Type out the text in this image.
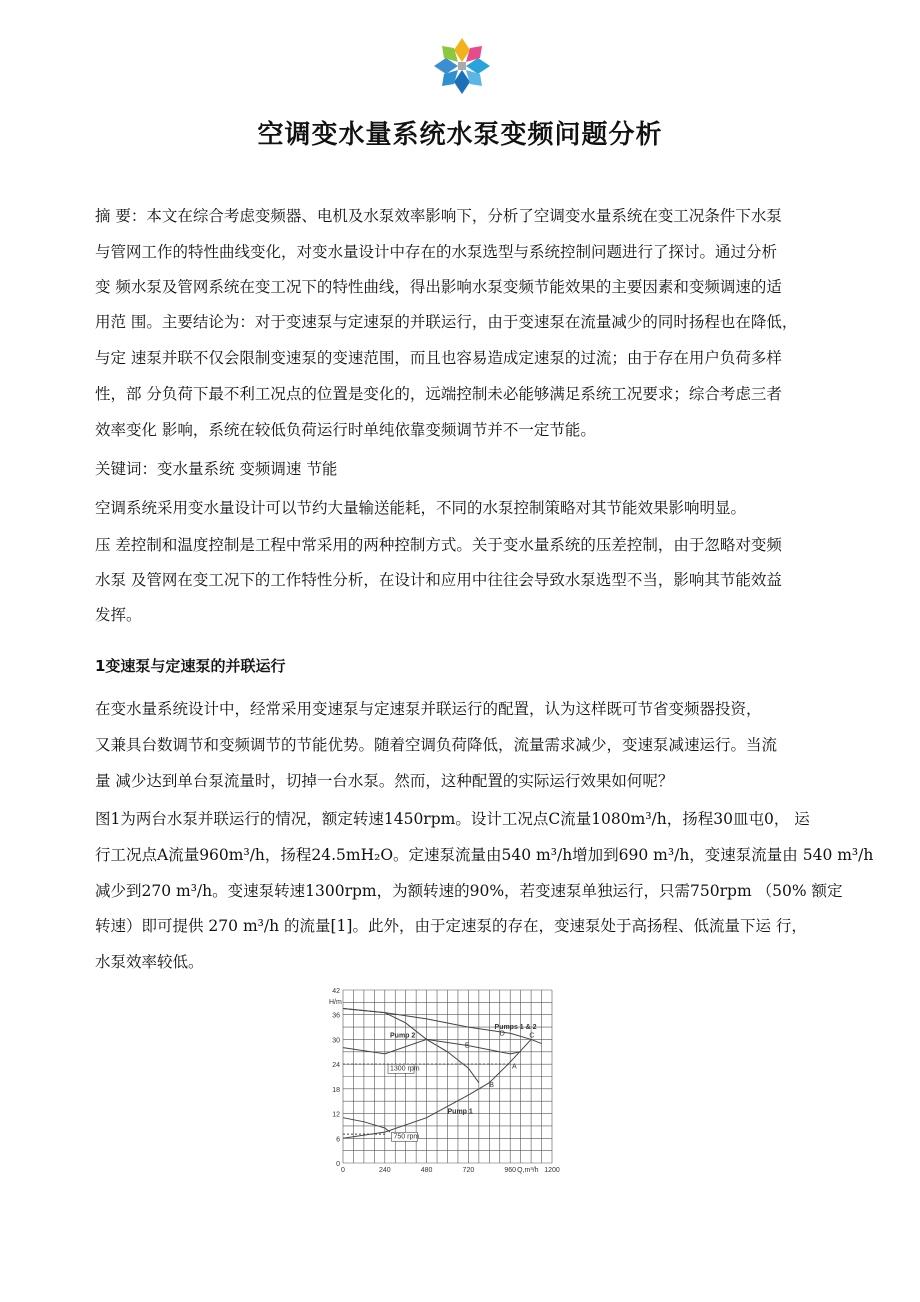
空调变水量系统水泵变频问题分析
摘 要：本文在综合考虑变频器、电机及水泵效率影响下，分析了空调变水量系统在变工况条件下水泵
与管网工作的特性曲线变化，对变水量设计中存在的水泵选型与系统控制问题进行了探讨。通过分析
变 频水泵及管网系统在变工况下的特性曲线，得出影响水泵变频节能效果的主要因素和变频调速的适
用范 围。主要结论为：对于变速泵与定速泵的并联运行，由于变速泵在流量减少的同时扬程也在降低，
与定 速泵并联不仅会限制变速泵的变速范围，而且也容易造成定速泵的过流；由于存在用户负荷多样
性，部 分负荷下最不利工况点的位置是变化的，远端控制未必能够满足系统工况要求；综合考虑三者
效率变化 影响，系统在较低负荷运行时单纯依靠变频调节并不一定节能。
关键词：变水量系统 变频调速 节能
空调系统采用变水量设计可以节约大量输送能耗，不同的水泵控制策略对其节能效果影响明显。
压 差控制和温度控制是工程中常采用的两种控制方式。关于变水量系统的压差控制，由于忽略对变频
水泵 及管网在变工况下的工作特性分析，在设计和应用中往往会导致水泵选型不当，影响其节能效益
发挥。
1变速泵与定速泵的并联运行
在变水量系统设计中，经常采用变速泵与定速泵并联运行的配置，认为这样既可节省变频器投资，
又兼具台数调节和变频调节的节能优势。随着空调负荷降低，流量需求减少，变速泵减速运行。当流
量 减少达到单台泵流量时，切掉一台水泵。然而，这种配置的实际运行效果如何呢？
图1为两台水泵并联运行的情况，额定转速1450rpm。设计工况点C流量1080m³/h，扬程30皿屯0， 运
行工况点A流量960m³/h，扬程24.5mH₂O。定速泵流量由540 m³/h增加到690 m³/h，变速泵流量由 540 m³/h
减少到270 m³/h。变速泵转速1300rpm，为额转速的90%，若变速泵单独运行，只需750rpm （50% 额定
转速）即可提供 270 m³/h 的流量[1]。此外，由于定速泵的存在，变速泵处于高扬程、低流量下运 行，
水泵效率较低。
0	240	480	720	960	1200
0
6
12
18
24
30
36
42
H/m
Q,m³/h
Pumps 1 & 2
Pump 2
Pump 1
1300 rpm
750 rpm
A
B
C
D
E
